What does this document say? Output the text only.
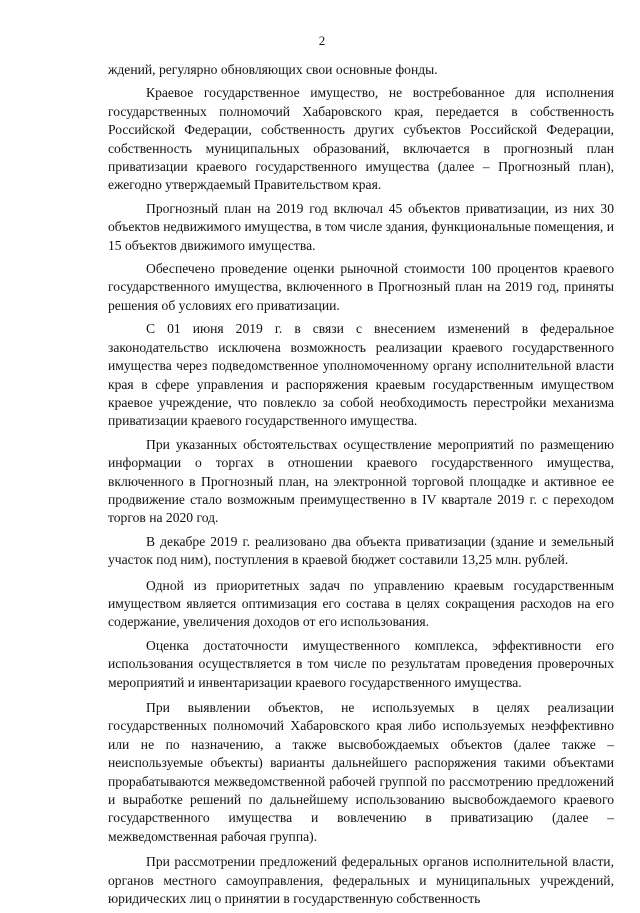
2

ждений, регулярно обновляющих свои основные фонды.

Краевое государственное имущество, не востребованное для исполнения государственных полномочий Хабаровского края, передается в собственность Российской Федерации, собственность других субъектов Российской Федерации, собственность муниципальных образований, включается в прогнозный план приватизации краевого государственного имущества (далее – Прогнозный план), ежегодно утверждаемый Правительством края.

Прогнозный план на 2019 год включал 45 объектов приватизации, из них 30 объектов недвижимого имущества, в том числе здания, функциональные помещения, и 15 объектов движимого имущества.

Обеспечено проведение оценки рыночной стоимости 100 процентов краевого государственного имущества, включенного в Прогнозный план на 2019 год, приняты решения об условиях его приватизации.

С 01 июня 2019 г. в связи с внесением изменений в федеральное законодательство исключена возможность реализации краевого государственного имущества через подведомственное уполномоченному органу исполнительной власти края в сфере управления и распоряжения краевым государственным имуществом краевое учреждение, что повлекло за собой необходимость перестройки механизма приватизации краевого государственного имущества.

При указанных обстоятельствах осуществление мероприятий по размещению информации о торгах в отношении краевого государственного имущества, включенного в Прогнозный план, на электронной торговой площадке и активное ее продвижение стало возможным преимущественно в IV квартале 2019 г. с переходом торгов на 2020 год.

В декабре 2019 г. реализовано два объекта приватизации (здание и земельный участок под ним), поступления в краевой бюджет составили 13,25 млн. рублей.

Одной из приоритетных задач по управлению краевым государственным имуществом является оптимизация его состава в целях сокращения расходов на его содержание, увеличения доходов от его использования.

Оценка достаточности имущественного комплекса, эффективности его использования осуществляется в том числе по результатам проведения проверочных мероприятий и инвентаризации краевого государственного имущества.

При выявлении объектов, не используемых в целях реализации государственных полномочий Хабаровского края либо используемых неэффективно или не по назначению, а также высвобождаемых объектов (далее также – неиспользуемые объекты) варианты дальнейшего распоряжения такими объектами прорабатываются межведомственной рабочей группой по рассмотрению предложений и выработке решений по дальнейшему использованию высвобождаемого краевого государственного имущества и вовлечению в приватизацию (далее – межведомственная рабочая группа).

При рассмотрении предложений федеральных органов исполнительной власти, органов местного самоуправления, федеральных и муниципальных учреждений, юридических лиц о принятии в государственную собственность
